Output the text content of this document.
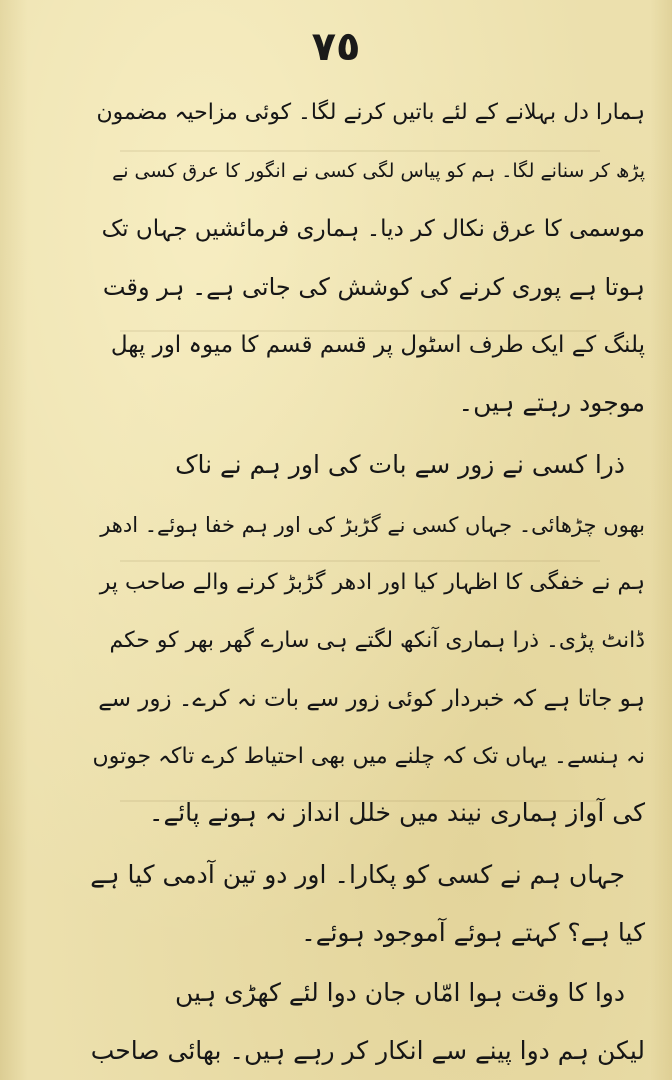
٧٥

ہمارا دل بہلانے کے لئے باتیں کرنے لگا۔ کوئی مزاحیہ مضمون
پڑھ کر سنانے لگا۔ ہم کو پیاس لگی کسی نے انگور کا عرق کسی نے
موسمی کا عرق نکال کر دیا۔ ہماری فرمائشیں جہاں تک
ہوتا ہے پوری کرنے کی کوشش کی جاتی ہے۔ ہر وقت
پلنگ کے ایک طرف اسٹول پر قسم قسم کا میوہ اور پھل
موجود رہتے ہیں۔
ذرا کسی نے زور سے بات کی اور ہم نے ناک
بھوں چڑھائی۔ جہاں کسی نے گڑبڑ کی اور ہم خفا ہوئے۔ ادھر
ہم نے خفگی کا اظہار کیا اور ادھر گڑبڑ کرنے والے صاحب پر
ڈانٹ پڑی۔ ذرا ہماری آنکھ لگتے ہی سارے گھر بھر کو حکم
ہو جاتا ہے کہ خبردار کوئی زور سے بات نہ کرے۔ زور سے
نہ ہنسے۔ یہاں تک کہ چلنے میں بھی احتیاط کرے تاکہ جوتوں
کی آواز ہماری نیند میں خلل انداز نہ ہونے پائے۔
جہاں ہم نے کسی کو پکارا۔ اور دو تین آدمی کیا ہے
کیا ہے؟ کہتے ہوئے آموجود ہوئے۔
دوا کا وقت ہوا امّاں جان دوا لئے کھڑی ہیں
لیکن ہم دوا پینے سے انکار کر رہے ہیں۔ بھائی صاحب
